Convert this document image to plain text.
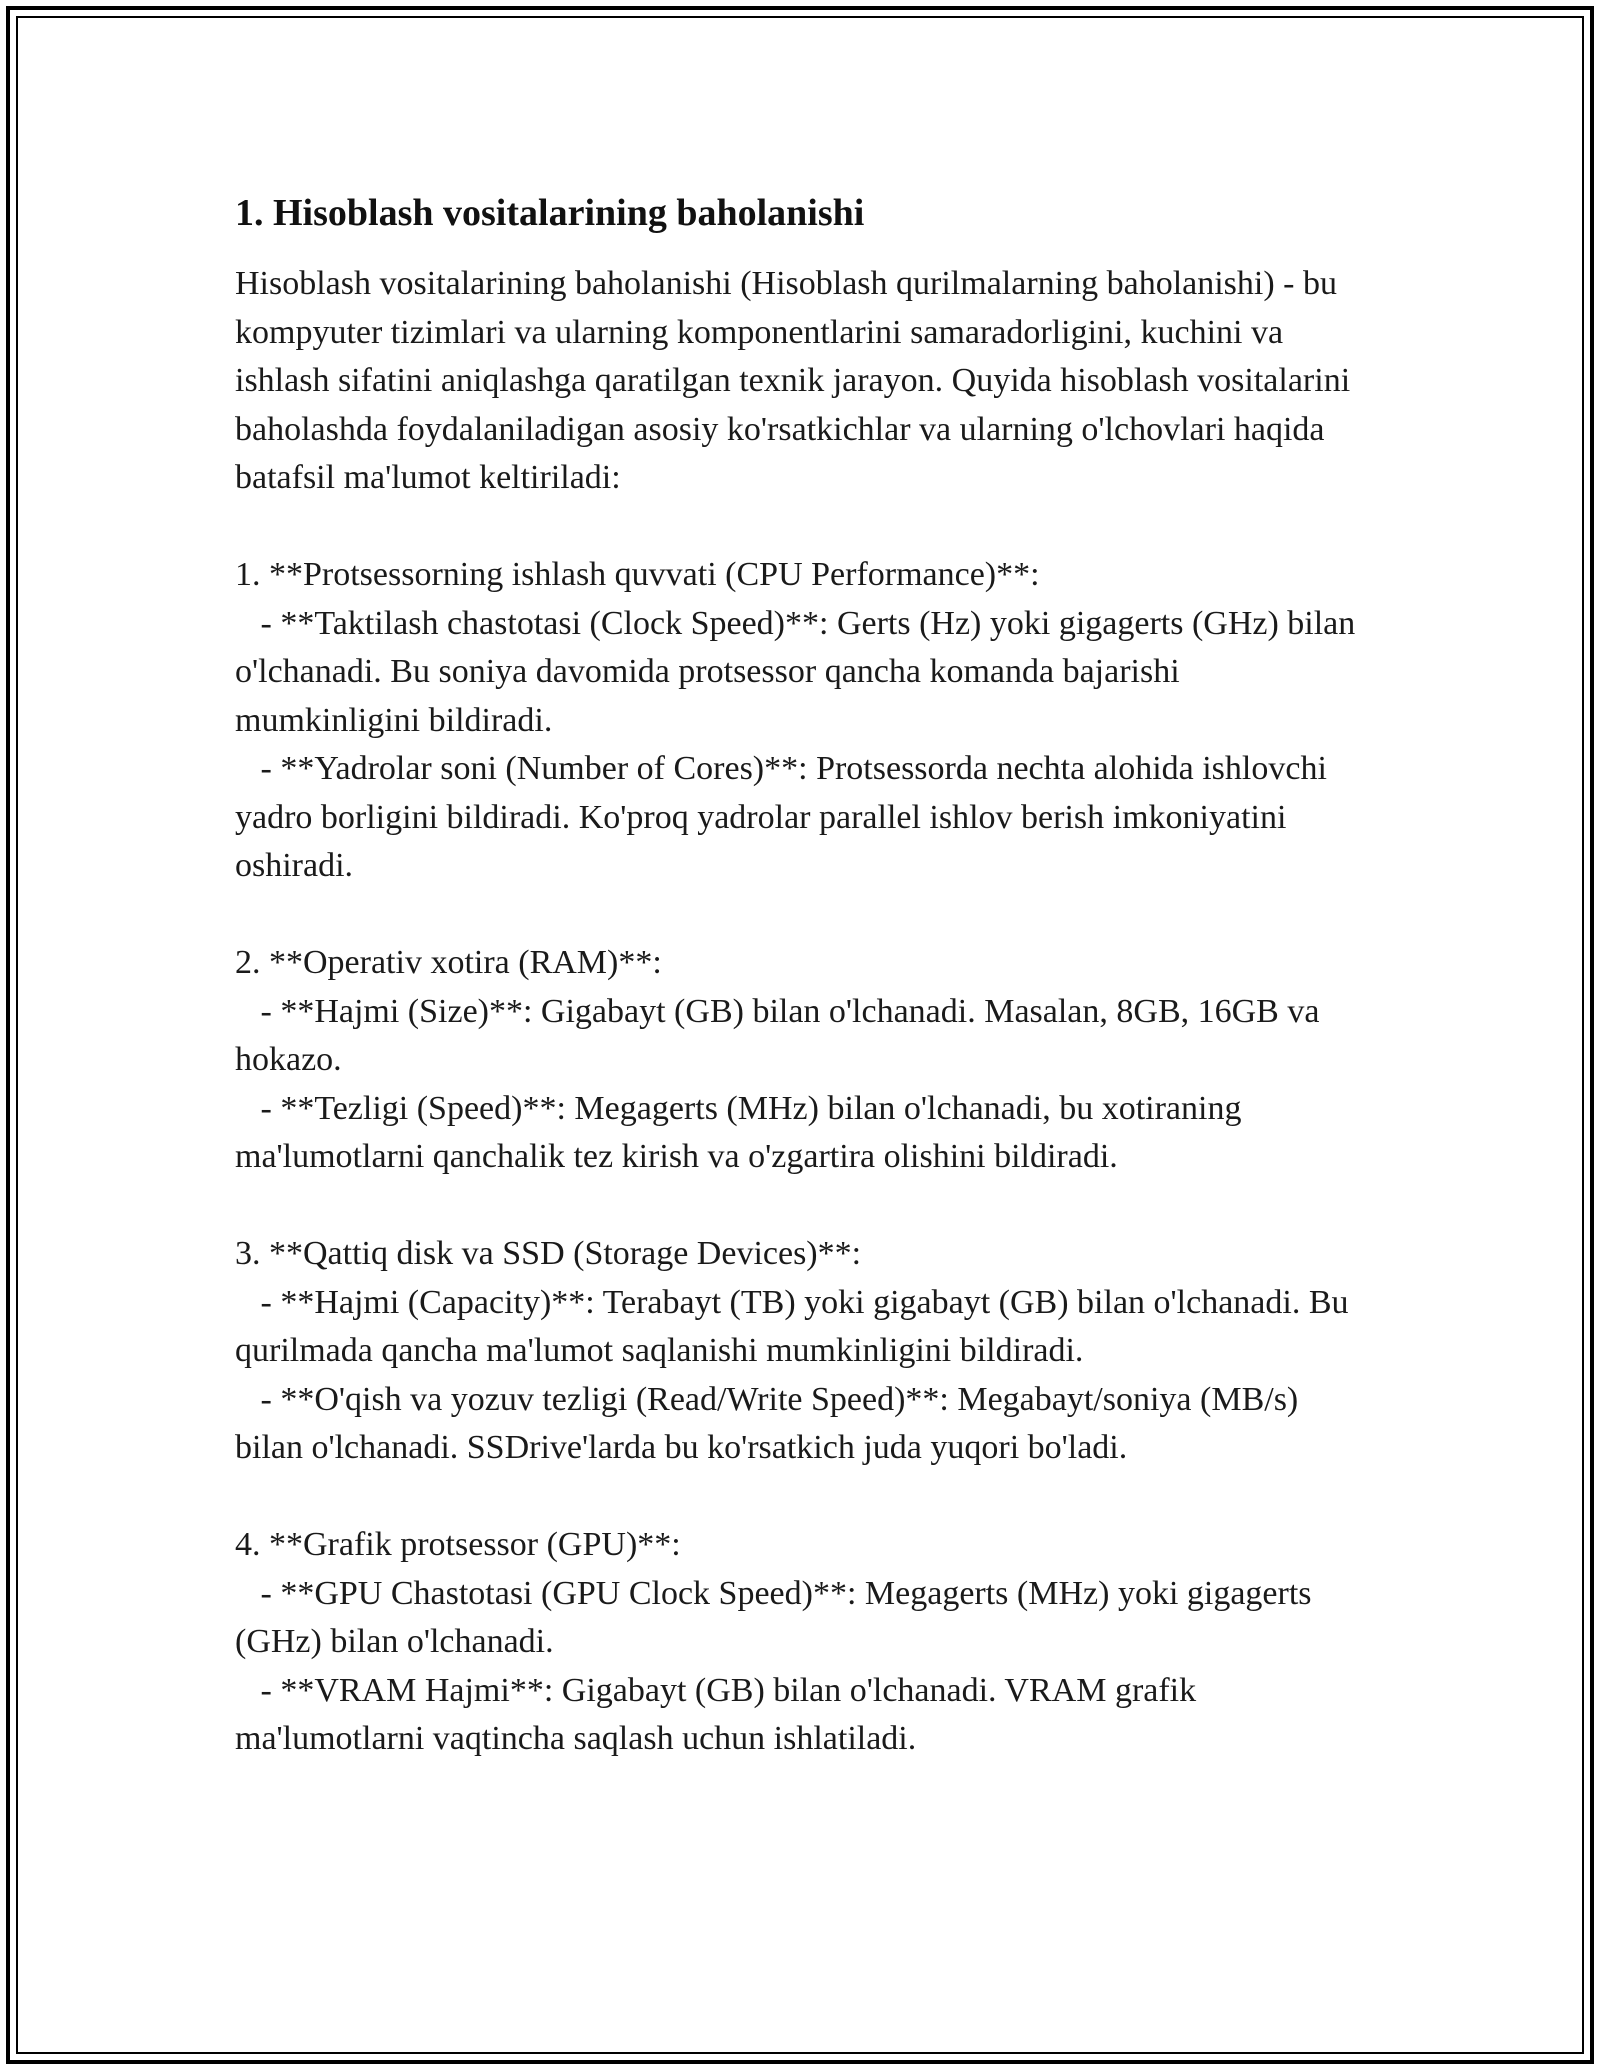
1. Hisoblash vositalarining baholanishi

Hisoblash vositalarining baholanishi (Hisoblash qurilmalarning baholanishi) - bu kompyuter tizimlari va ularning komponentlarini samaradorligini, kuchini va ishlash sifatini aniqlashga qaratilgan texnik jarayon. Quyida hisoblash vositalarini baholashda foydalaniladigan asosiy ko'rsatkichlar va ularning o'lchovlari haqida batafsil ma'lumot keltiriladi:

1. **Protsessorning ishlash quvvati (CPU Performance)**:

- **Taktilash chastotasi (Clock Speed)**: Gerts (Hz) yoki gigagerts (GHz) bilan o'lchanadi. Bu soniya davomida protsessor qancha komanda bajarishi mumkinligini bildiradi.

- **Yadrolar soni (Number of Cores)**: Protsessorda nechta alohida ishlovchi yadro borligini bildiradi. Ko'proq yadrolar parallel ishlov berish imkoniyatini oshiradi.

2. **Operativ xotira (RAM)**:

- **Hajmi (Size)**: Gigabayt (GB) bilan o'lchanadi. Masalan, 8GB, 16GB va hokazo.

- **Tezligi (Speed)**: Megagerts (MHz) bilan o'lchanadi, bu xotiraning ma'lumotlarni qanchalik tez kirish va o'zgartira olishini bildiradi.

3. **Qattiq disk va SSD (Storage Devices)**:

- **Hajmi (Capacity)**: Terabayt (TB) yoki gigabayt (GB) bilan o'lchanadi. Bu qurilmada qancha ma'lumot saqlanishi mumkinligini bildiradi.

- **O'qish va yozuv tezligi (Read/Write Speed)**: Megabayt/soniya (MB/s) bilan o'lchanadi. SSDrive'larda bu ko'rsatkich juda yuqori bo'ladi.

4. **Grafik protsessor (GPU)**:

- **GPU Chastotasi (GPU Clock Speed)**: Megagerts (MHz) yoki gigagerts (GHz) bilan o'lchanadi.

- **VRAM Hajmi**: Gigabayt (GB) bilan o'lchanadi. VRAM grafik ma'lumotlarni vaqtincha saqlash uchun ishlatiladi.
